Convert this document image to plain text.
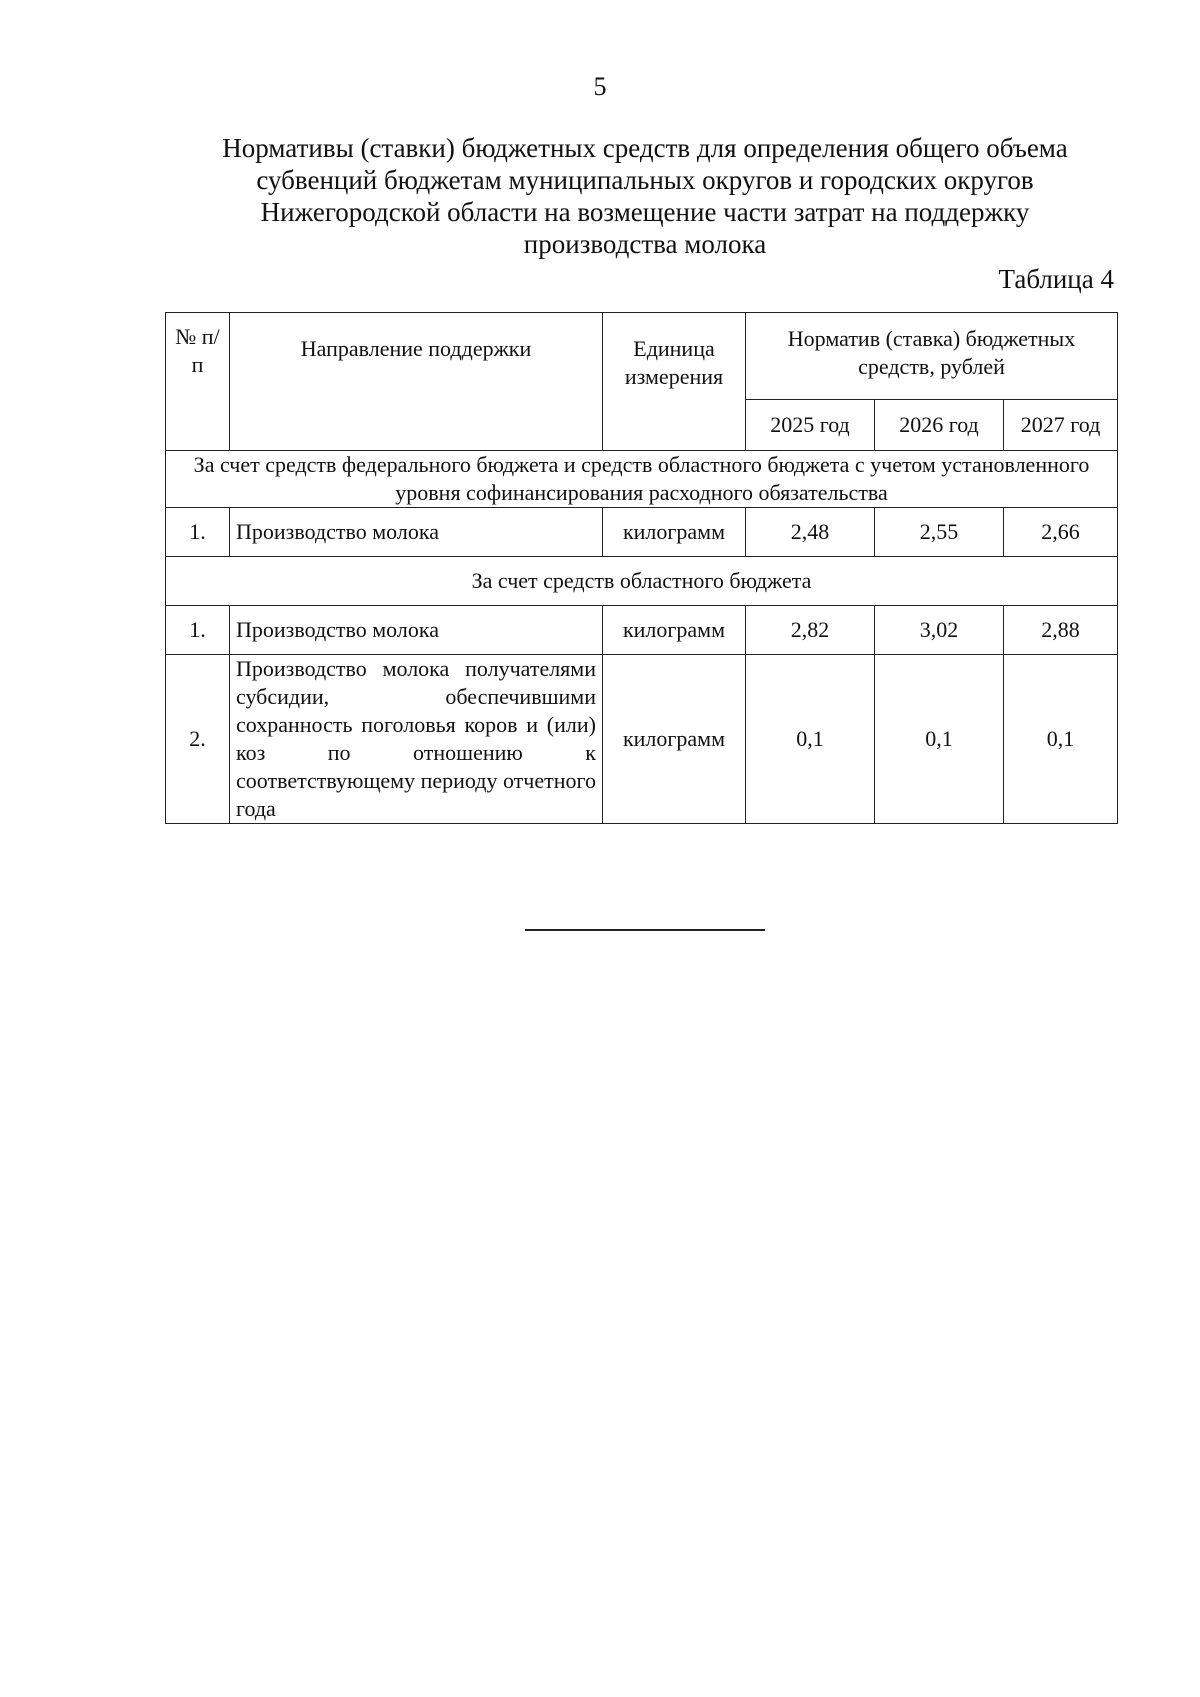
5
Нормативы (ставки) бюджетных средств для определения общего объема
субвенций бюджетам муниципальных округов и городских округов
Нижегородской области на возмещение части затрат на поддержку
производства молока
Таблица 4
№ п/п	Направление поддержки	Единица измерения	Норматив (ставка) бюджетных средств, рублей		
			2025 год	2026 год	2027 год
За счет средств федерального бюджета и средств областного бюджета с учетом установленного уровня софинансирования расходного обязательства					
1.	Производство молока	килограмм	2,48	2,55	2,66
За счет средств областного бюджета					
1.	Производство молока	килограмм	2,82	3,02	2,88
2.	Производство молока получателями субсидии, обеспечившими сохранность поголовья коров и (или) коз по отношению к соответствующему периоду отчетного года	килограмм	0,1	0,1	0,1
